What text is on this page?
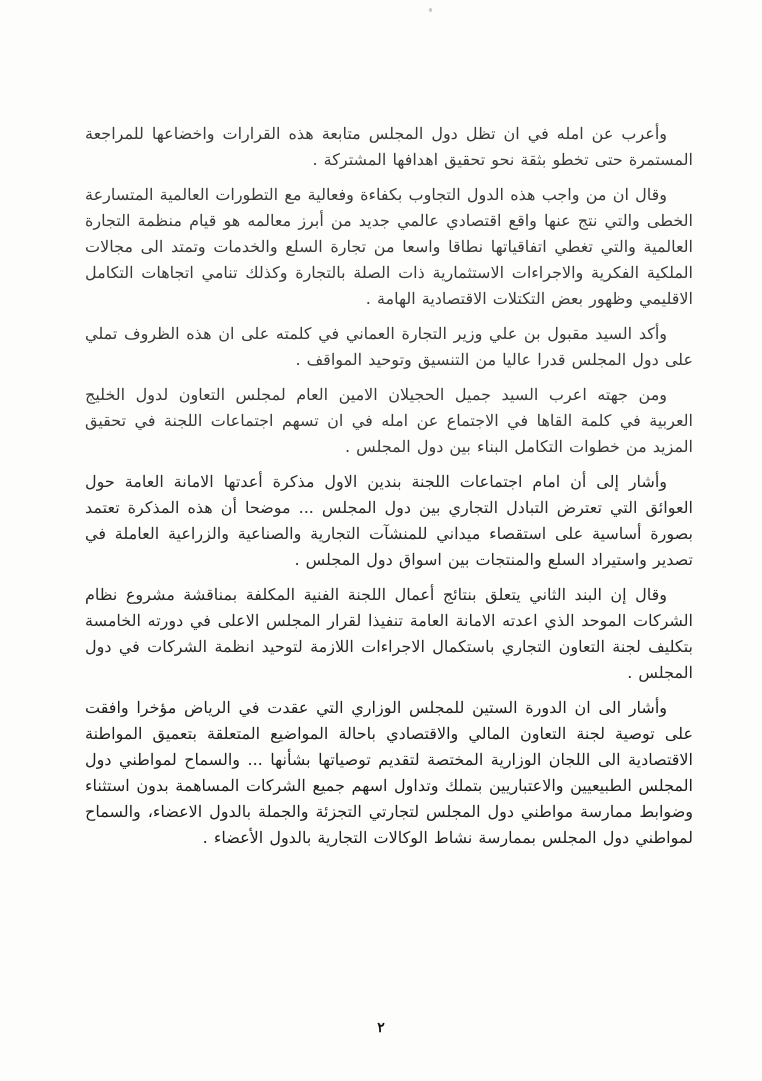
وأعرب عن امله في ان تظل دول المجلس متابعة هذه القرارات واخضاعها للمراجعة المستمرة حتى تخطو بثقة نحو تحقيق اهدافها المشتركة .

وقال ان من واجب هذه الدول التجاوب بكفاءة وفعالية مع التطورات العالمية المتسارعة الخطى والتي نتج عنها واقع اقتصادي عالمي جديد من أبرز معالمه هو قيام منظمة التجارة العالمية والتي تغطي اتفاقياتها نطاقا واسعا من تجارة السلع والخدمات وتمتد الى مجالات الملكية الفكرية والاجراءات الاستثمارية ذات الصلة بالتجارة وكذلك تنامي اتجاهات التكامل الاقليمي وظهور بعض التكتلات الاقتصادية الهامة .

وأكد السيد مقبول بن علي وزير التجارة العماني في كلمته على ان هذه الظروف تملي على دول المجلس قدرا عاليا من التنسيق وتوحيد المواقف .

ومن جهته اعرب السيد جميل الحجيلان الامين العام لمجلس التعاون لدول الخليج العربية في كلمة القاها في الاجتماع عن امله في ان تسهم اجتماعات اللجنة في تحقيق المزيد من خطوات التكامل البناء بين دول المجلس .

وأشار إلى أن امام اجتماعات اللجنة بندين الاول مذكرة أعدتها الامانة العامة حول العوائق التي تعترض التبادل التجاري بين دول المجلس ... موضحا أن هذه المذكرة تعتمد بصورة أساسية على استقصاء ميداني للمنشآت التجارية والصناعية والزراعية العاملة في تصدير واستيراد السلع والمنتجات بين اسواق دول المجلس .

وقال إن البند الثاني يتعلق بنتائج أعمال اللجنة الفنية المكلفة بمناقشة مشروع نظام الشركات الموحد الذي اعدته الامانة العامة تنفيذا لقرار المجلس الاعلى في دورته الخامسة بتكليف لجنة التعاون التجاري باستكمال الاجراءات اللازمة لتوحيد انظمة الشركات في دول المجلس .

وأشار الى ان الدورة الستين للمجلس الوزاري التي عقدت في الرياض مؤخرا وافقت على توصية لجنة التعاون المالي والاقتصادي باحالة المواضيع المتعلقة بتعميق المواطنة الاقتصادية الى اللجان الوزارية المختصة لتقديم توصياتها بشأنها ... والسماح لمواطني دول المجلس الطبيعيين والاعتباريين بتملك وتداول اسهم جميع الشركات المساهمة بدون استثناء وضوابط ممارسة مواطني دول المجلس لتجارتي التجزئة والجملة بالدول الاعضاء، والسماح لمواطني دول المجلس بممارسة نشاط الوكالات التجارية بالدول الأعضاء .

٢
